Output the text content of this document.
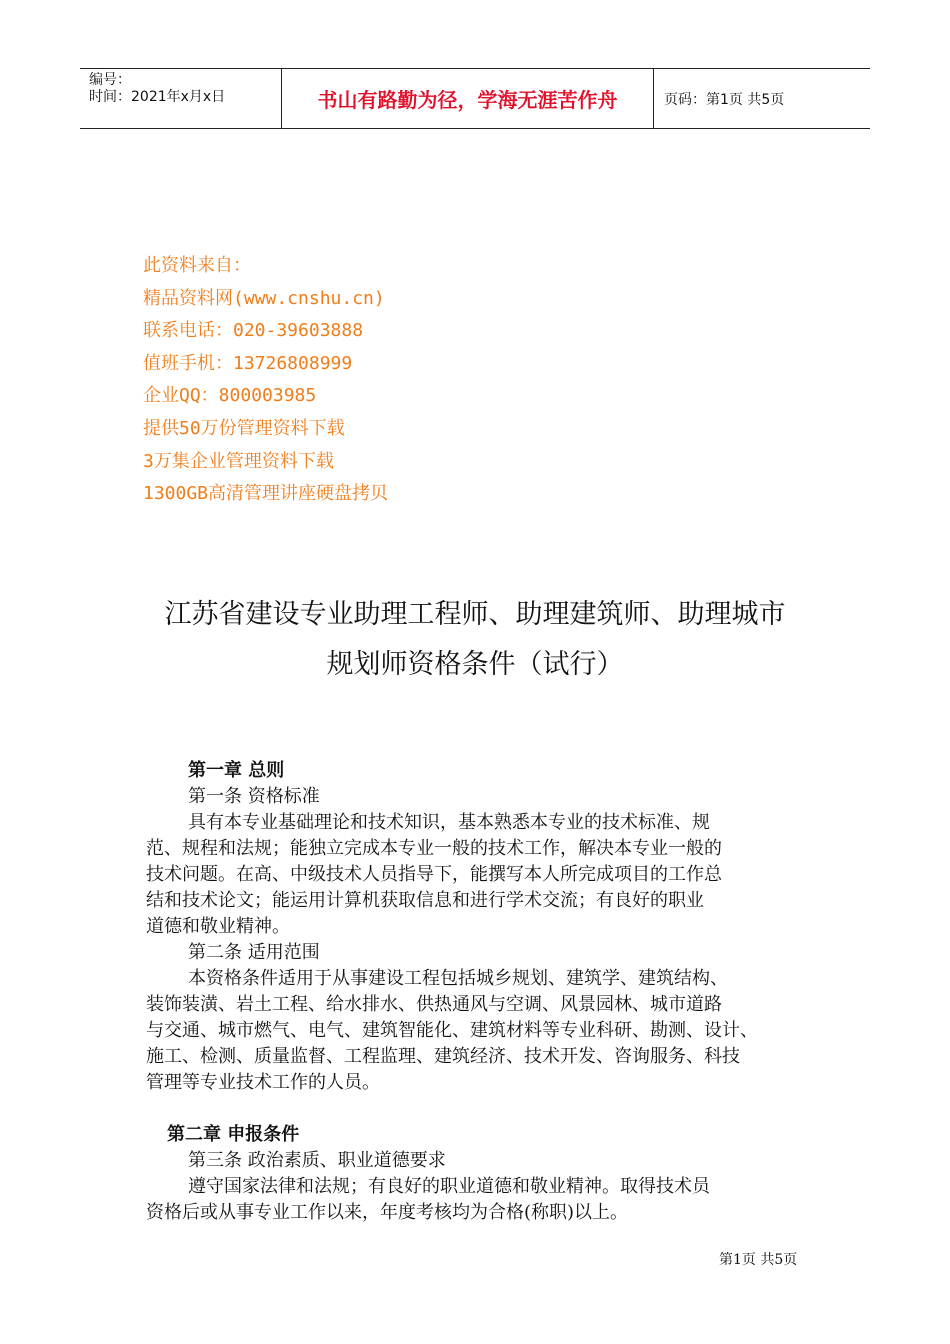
编号：
时间：2021年x月x日	书山有路勤为径，学海无涯苦作舟	页码：第1页 共5页
此资料来自：
精品资料网(www.cnshu.cn)
联系电话：020-39603888
值班手机：13726808999
企业QQ：800003985
提供50万份管理资料下载
3万集企业管理资料下载
1300GB高清管理讲座硬盘拷贝
江苏省建设专业助理工程师、助理建筑师、助理城市
规划师资格条件（试行）
第一章 总则
第一条 资格标准
具有本专业基础理论和技术知识，基本熟悉本专业的技术标准、规
范、规程和法规；能独立完成本专业一般的技术工作，解决本专业一般的
技术问题。在高、中级技术人员指导下，能撰写本人所完成项目的工作总
结和技术论文；能运用计算机获取信息和进行学术交流；有良好的职业
道德和敬业精神。
第二条 适用范围
本资格条件适用于从事建设工程包括城乡规划、建筑学、建筑结构、
装饰装潢、岩土工程、给水排水、供热通风与空调、风景园林、城市道路
与交通、城市燃气、电气、建筑智能化、建筑材料等专业科研、勘测、设计、
施工、检测、质量监督、工程监理、建筑经济、技术开发、咨询服务、科技
管理等专业技术工作的人员。
第二章 申报条件
第三条 政治素质、职业道德要求
遵守国家法律和法规；有良好的职业道德和敬业精神。取得技术员
资格后或从事专业工作以来，年度考核均为合格(称职)以上。
第1页 共5页
